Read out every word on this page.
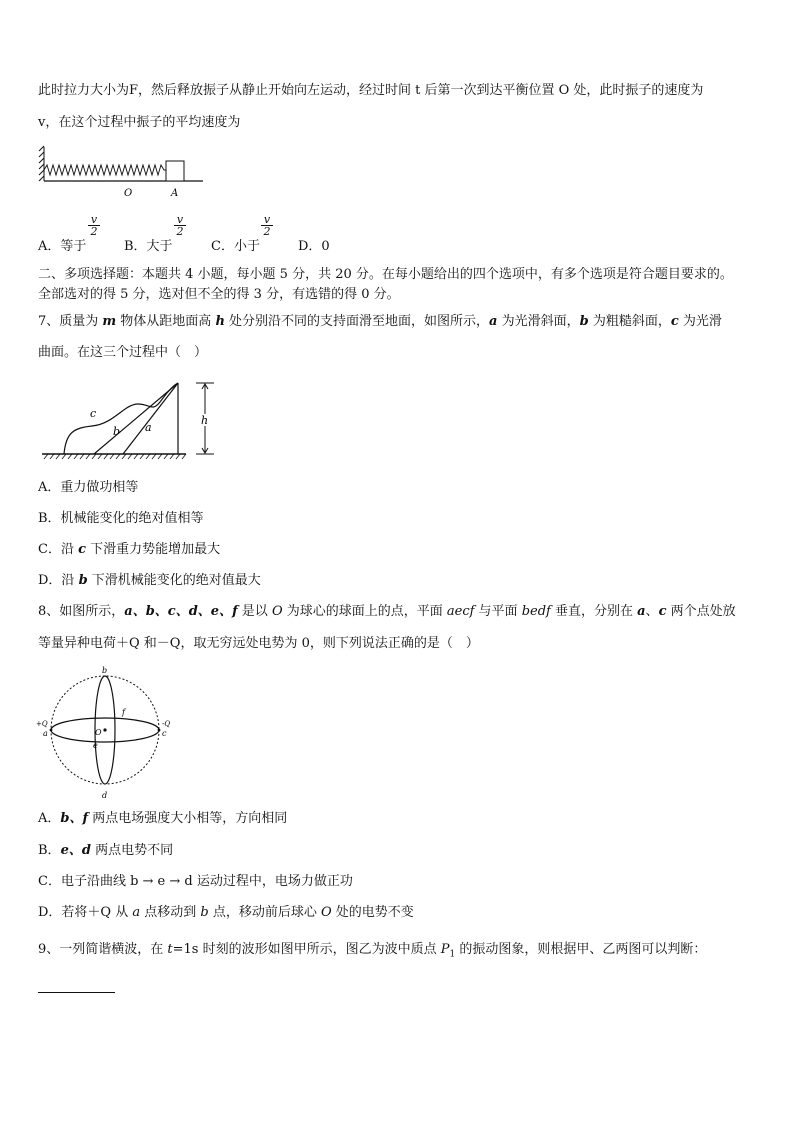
此时拉力大小为F，然后释放振子从静止开始向左运动，经过时间 t 后第一次到达平衡位置 O 处，此时振子的速度为
v，在这个过程中振子的平均速度为
O	A
A．等于
$\frac{v}{2}$
B．大于
$\frac{v}{2}$
C．小于
$\frac{v}{2}$
D．0
二、多项选择题：本题共 4 小题，每小题 5 分，共 20 分。在每小题给出的四个选项中，有多个选项是符合题目要求的。
全部选对的得 5 分，选对但不全的得 3 分，有选错的得 0 分。
7、质量为 m 物体从距地面高 h 处分别沿不同的支持面滑至地面，如图所示，a 为光滑斜面，b 为粗糙斜面，c 为光滑
曲面。在这三个过程中（　）
h
c
b a
A．重力做功相等
B．机械能变化的绝对值相等
C．沿 c 下滑重力势能增加最大
D．沿 b 下滑机械能变化的绝对值最大
8、如图所示，a、b、c、d、e、f 是以 O 为球心的球面上的点，平面 aecf 与平面 bedf 垂直，分别在 a、c 两个点处放
等量异种电荷＋Q 和－Q，取无穷远处电势为 0，则下列说法正确的是（　）
b
d
+Q
a
-Q
c
f
O
e
A．b、f 两点电场强度大小相等，方向相同
B．e、d 两点电势不同
C．电子沿曲线 b → e → d 运动过程中，电场力做正功
D．若将＋Q 从 a 点移动到 b 点，移动前后球心 O 处的电势不变
9、一列简谐横波，在 t=1s 时刻的波形如图甲所示，图乙为波中质点 $P_1$ 的振动图象，则根据甲、乙两图可以判断：
